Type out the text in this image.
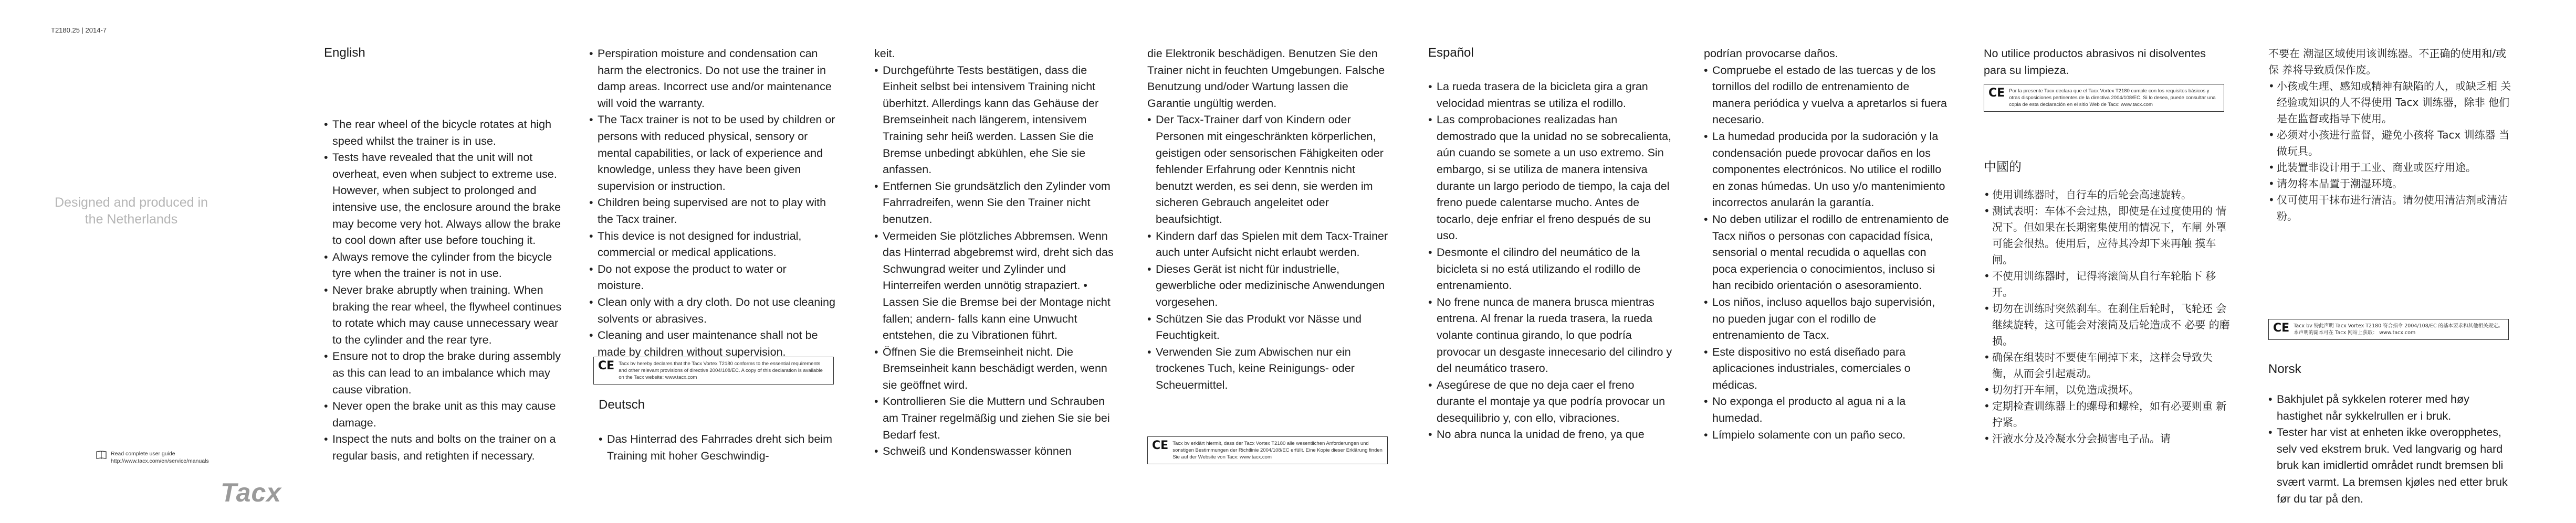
T2180.25 | 2014-7
Designed and produced in the Netherlands
Read complete user guide
http://www.tacx.com/en/service/manuals
Tacx
English
• The rear wheel of the bicycle rotates at high speed whilst the trainer is in use.
• Tests have revealed that the unit will not overheat, even when subject to extreme use. However, when subject to prolonged and intensive use, the enclosure around the brake may become very hot. Always allow the brake to cool down after use before touching it.
• Always remove the cylinder from the bicycle tyre when the trainer is not in use.
• Never brake abruptly when training. When braking the rear wheel, the flywheel continues to rotate which may cause unnecessary wear to the cylinder and the rear tyre.
• Ensure not to drop the brake during assembly as this can lead to an imbalance which may cause vibration.
• Never open the brake unit as this may cause damage.
• Inspect the nuts and bolts on the trainer on a regular basis, and retighten if necessary.
• Perspiration moisture and condensation can harm the electronics. Do not use the trainer in damp areas. Incorrect use and/or maintenance will void the warranty.
• The Tacx trainer is not to be used by children or persons with reduced physical, sensory or mental capabilities, or lack of experience and knowledge, unless they have been given supervision or instruction.
• Children being supervised are not to play with the Tacx trainer.
• This device is not designed for industrial, commercial or medical applications.
• Do not expose the product to water or moisture.
• Clean only with a dry cloth. Do not use cleaning solvents or abrasives.
• Cleaning and user maintenance shall not be made by children without supervision.
CE Tacx bv hereby declares that the Tacx Vortex T2180 conforms to the essential requirements and other relevant provisions of directive 2004/108/EC. A copy of this declaration is available on the Tacx website: www.tacx.com
Deutsch
• Das Hinterrad des Fahrrades dreht sich beim Training mit hoher Geschwindig-
keit.
• Durchgeführte Tests bestätigen, dass die Einheit selbst bei intensivem Training nicht überhitzt. Allerdings kann das Gehäuse der Bremseinheit nach längerem, intensivem Training sehr heiß werden. Lassen Sie die Bremse unbedingt abkühlen, ehe Sie sie anfassen.
• Entfernen Sie grundsätzlich den Zylinder vom Fahrradreifen, wenn Sie den Trainer nicht benutzen.
• Vermeiden Sie plötzliches Abbremsen. Wenn das Hinterrad abgebremst wird, dreht sich das Schwungrad weiter und Zylinder und Hinterreifen werden unnötig strapaziert. • Lassen Sie die Bremse bei der Montage nicht fallen; andern- falls kann eine Unwucht entstehen, die zu Vibrationen führt.
• Öffnen Sie die Bremseinheit nicht. Die Bremseinheit kann beschädigt werden, wenn sie geöffnet wird.
• Kontrollieren Sie die Muttern und Schrauben am Trainer regelmäßig und ziehen Sie sie bei Bedarf fest.
• Schweiß und Kondenswasser können
die Elektronik beschädigen. Benutzen Sie den Trainer nicht in feuchten Umgebungen. Falsche Benutzung und/oder Wartung lassen die Garantie ungültig werden.
• Der Tacx-Trainer darf von Kindern oder Personen mit eingeschränkten körperlichen, geistigen oder sensorischen Fähigkeiten oder fehlender Erfahrung oder Kenntnis nicht benutzt werden, es sei denn, sie werden im sicheren Gebrauch angeleitet oder beaufsichtigt.
• Kindern darf das Spielen mit dem Tacx-Trainer auch unter Aufsicht nicht erlaubt werden.
• Dieses Gerät ist nicht für industrielle, gewerbliche oder medizinische Anwendungen vorgesehen.
• Schützen Sie das Produkt vor Nässe und Feuchtigkeit.
• Verwenden Sie zum Abwischen nur ein trockenes Tuch, keine Reinigungs- oder Scheuermittel.
CE Tacx bv erklärt hiermit, dass der Tacx Vortex T2180 alle wesentlichen Anforderungen und sonstigen Bestimmungen der Richtlinie 2004/108/EC erfüllt. Eine Kopie dieser Erklärung finden Sie auf der Website von Tacx: www.tacx.com
Español
• La rueda trasera de la bicicleta gira a gran velocidad mientras se utiliza el rodillo.
• Las comprobaciones realizadas han demostrado que la unidad no se sobrecalienta, aún cuando se somete a un uso extremo. Sin embargo, si se utiliza de manera intensiva durante un largo periodo de tiempo, la caja del freno puede calentarse mucho. Antes de tocarlo, deje enfriar el freno después de su uso.
• Desmonte el cilindro del neumático de la bicicleta si no está utilizando el rodillo de entrenamiento.
• No frene nunca de manera brusca mientras entrena. Al frenar la rueda trasera, la rueda volante continua girando, lo que podría provocar un desgaste innecesario del cilindro y del neumático trasero.
• Asegúrese de que no deja caer el freno durante el montaje ya que podría provocar un desequilibrio y, con ello, vibraciones.
• No abra nunca la unidad de freno, ya que
podrían provocarse daños.
• Compruebe el estado de las tuercas y de los tornillos del rodillo de entrenamiento de manera periódica y vuelva a apretarlos si fuera necesario.
• La humedad producida por la sudoración y la condensación puede provocar daños en los componentes electrónicos. No utilice el rodillo en zonas húmedas. Un uso y/o mantenimiento incorrectos anularán la garantía.
• No deben utilizar el rodillo de entrenamiento de Tacx niños o personas con capacidad física, sensorial o mental recudida o aquellas con poca experiencia o conocimientos, incluso si han recibido orientación o asesoramiento.
• Los niños, incluso aquellos bajo supervisión, no pueden jugar con el rodillo de entrenamiento de Tacx.
• Este dispositivo no está diseñado para aplicaciones industriales, comerciales o médicas.
• No exponga el producto al agua ni a la humedad.
• Límpielo solamente con un paño seco.

No utilice productos abrasivos ni disolventes para su limpieza.

CE Por la presente Tacx declara que el Tacx Vortex T2180 cumple con los requisitos básicos y otras disposiciones pertinentes de la directiva 2004/108/EC. Si lo desea, puede consultar una copia de esta declaración en el sitio Web de Tacx: www.tacx.com
中國的
• 使用训练器时，自行车的后轮会高速旋转。
• 测试表明：车体不会过热，即使是在过度使用的 情况下。但如果在长期密集使用的情况下，车闸 外罩可能会很热。使用后，应待其冷却下来再触 摸车闸。
• 不使用训练器时，记得将滚筒从自行车轮胎下 移开。
• 切勿在训练时突然刹车。在刹住后轮时，飞轮还 会继续旋转，这可能会对滚筒及后轮造成不 必要 的磨损。
• 确保在组装时不要使车闸掉下来，这样会导致失衡，从而会引起震动。
• 切勿打开车闸，以免造成损坏。
• 定期检查训练器上的螺母和螺栓，如有必要则重 新拧紧。
• 汗液水分及冷凝水分会损害电子品。请
不要在 潮湿区域使用该训练器。不正确的使用和/或保 养将导致质保作废。
• 小孩或生理、感知或精神有缺陷的人，或缺乏相 关经验或知识的人不得使用 Tacx 训练器，除非 他们是在监督或指导下使用。
• 必须对小孩进行监督，避免小孩将 Tacx 训练器 当做玩具。
• 此装置非设计用于工业、商业或医疗用途。
• 请勿将本品置于潮湿环境。
• 仅可使用干抹布进行清洁。请勿使用清洁剂或清洁粉。
CE Tacx bv 特此声明 Tacx Vortex T2180 符合指令 2004/108/EC 的基本要求和其他相关规定。本声明的副本可在 Tacx 网站上获取： www.tacx.com
Norsk
• Bakhjulet på sykkelen roterer med høy hastighet når sykkelrullen er i bruk.
• Tester har vist at enheten ikke overopphetes, selv ved ekstrem bruk. Ved langvarig og hard bruk kan imidlertid området rundt bremsen bli svært varmt. La bremsen kjøles ned etter bruk før du tar på den.
